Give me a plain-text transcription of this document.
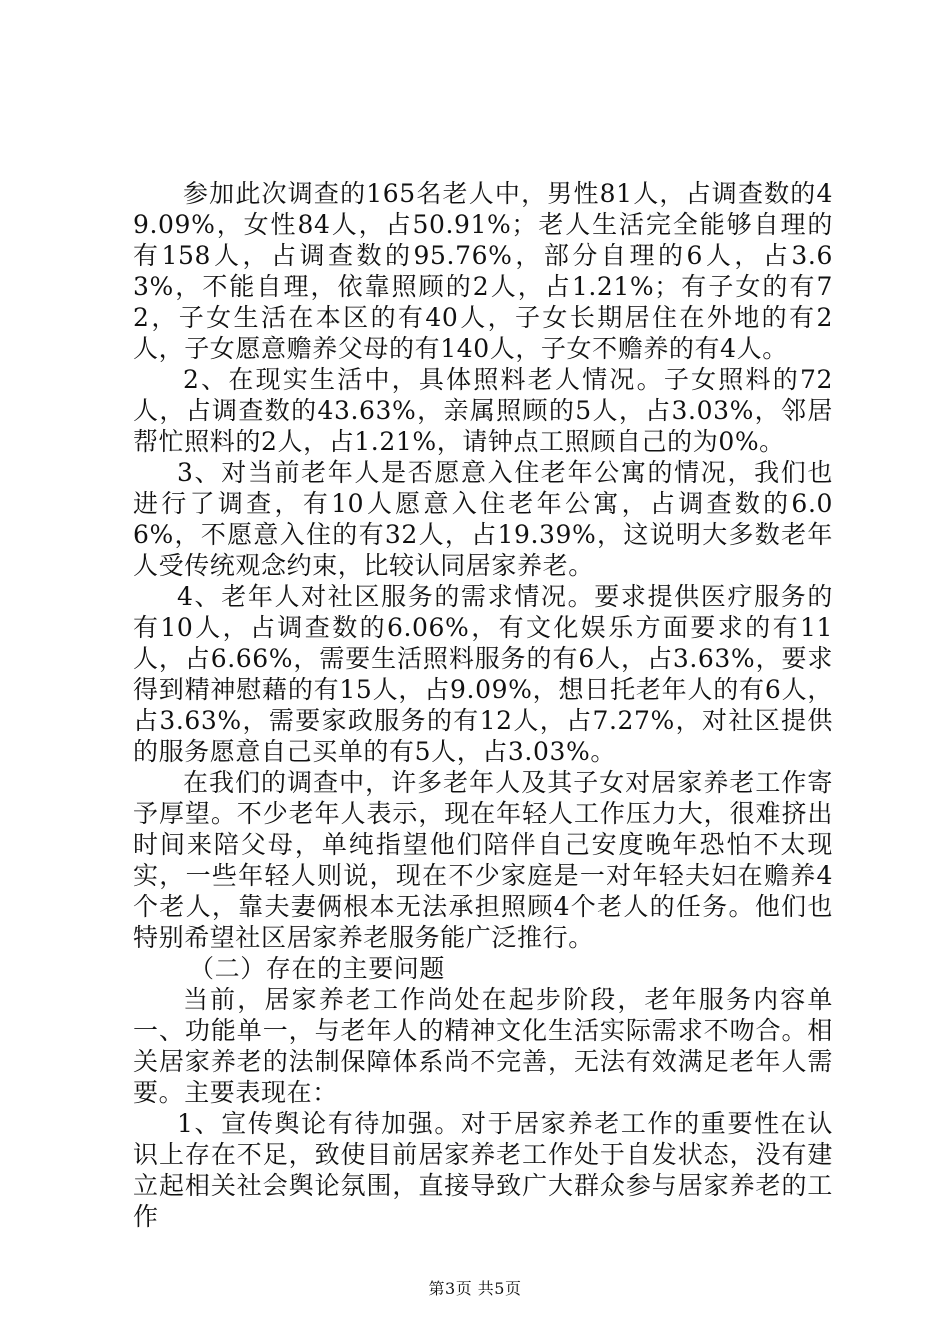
参加此次调查的165名老人中，男性81人，占调查数的49.09%，女性84人，占50.91%；老人生活完全能够自理的有158人，占调查数的95.76%，部分自理的6人，占3.63%，不能自理，依靠照顾的2人，占1.21%；有子女的有72，子女生活在本区的有40人，子女长期居住在外地的有2人，子女愿意赡养父母的有140人，子女不赡养的有4人。

2、在现实生活中，具体照料老人情况。子女照料的72人，占调查数的43.63%，亲属照顾的5人，占3.03%，邻居帮忙照料的2人，占1.21%，请钟点工照顾自己的为0%。

3、对当前老年人是否愿意入住老年公寓的情况，我们也进行了调查，有10人愿意入住老年公寓，占调查数的6.06%，不愿意入住的有32人，占19.39%，这说明大多数老年人受传统观念约束，比较认同居家养老。

4、老年人对社区服务的需求情况。要求提供医疗服务的有10人，占调查数的6.06%，有文化娱乐方面要求的有11人，占6.66%，需要生活照料服务的有6人，占3.63%，要求得到精神慰藉的有15人，占9.09%，想日托老年人的有6人，占3.63%，需要家政服务的有12人，占7.27%，对社区提供的服务愿意自己买单的有5人，占3.03%。

在我们的调查中，许多老年人及其子女对居家养老工作寄予厚望。不少老年人表示，现在年轻人工作压力大，很难挤出时间来陪父母，单纯指望他们陪伴自己安度晚年恐怕不太现实，一些年轻人则说，现在不少家庭是一对年轻夫妇在赡养4个老人，靠夫妻俩根本无法承担照顾4个老人的任务。他们也特别希望社区居家养老服务能广泛推行。

（二）存在的主要问题

当前，居家养老工作尚处在起步阶段，老年服务内容单一、功能单一，与老年人的精神文化生活实际需求不吻合。相关居家养老的法制保障体系尚不完善，无法有效满足老年人需要。主要表现在：

1、宣传舆论有待加强。对于居家养老工作的重要性在认识上存在不足，致使目前居家养老工作处于自发状态，没有建立起相关社会舆论氛围，直接导致广大群众参与居家养老的工作

第3页 共5页
